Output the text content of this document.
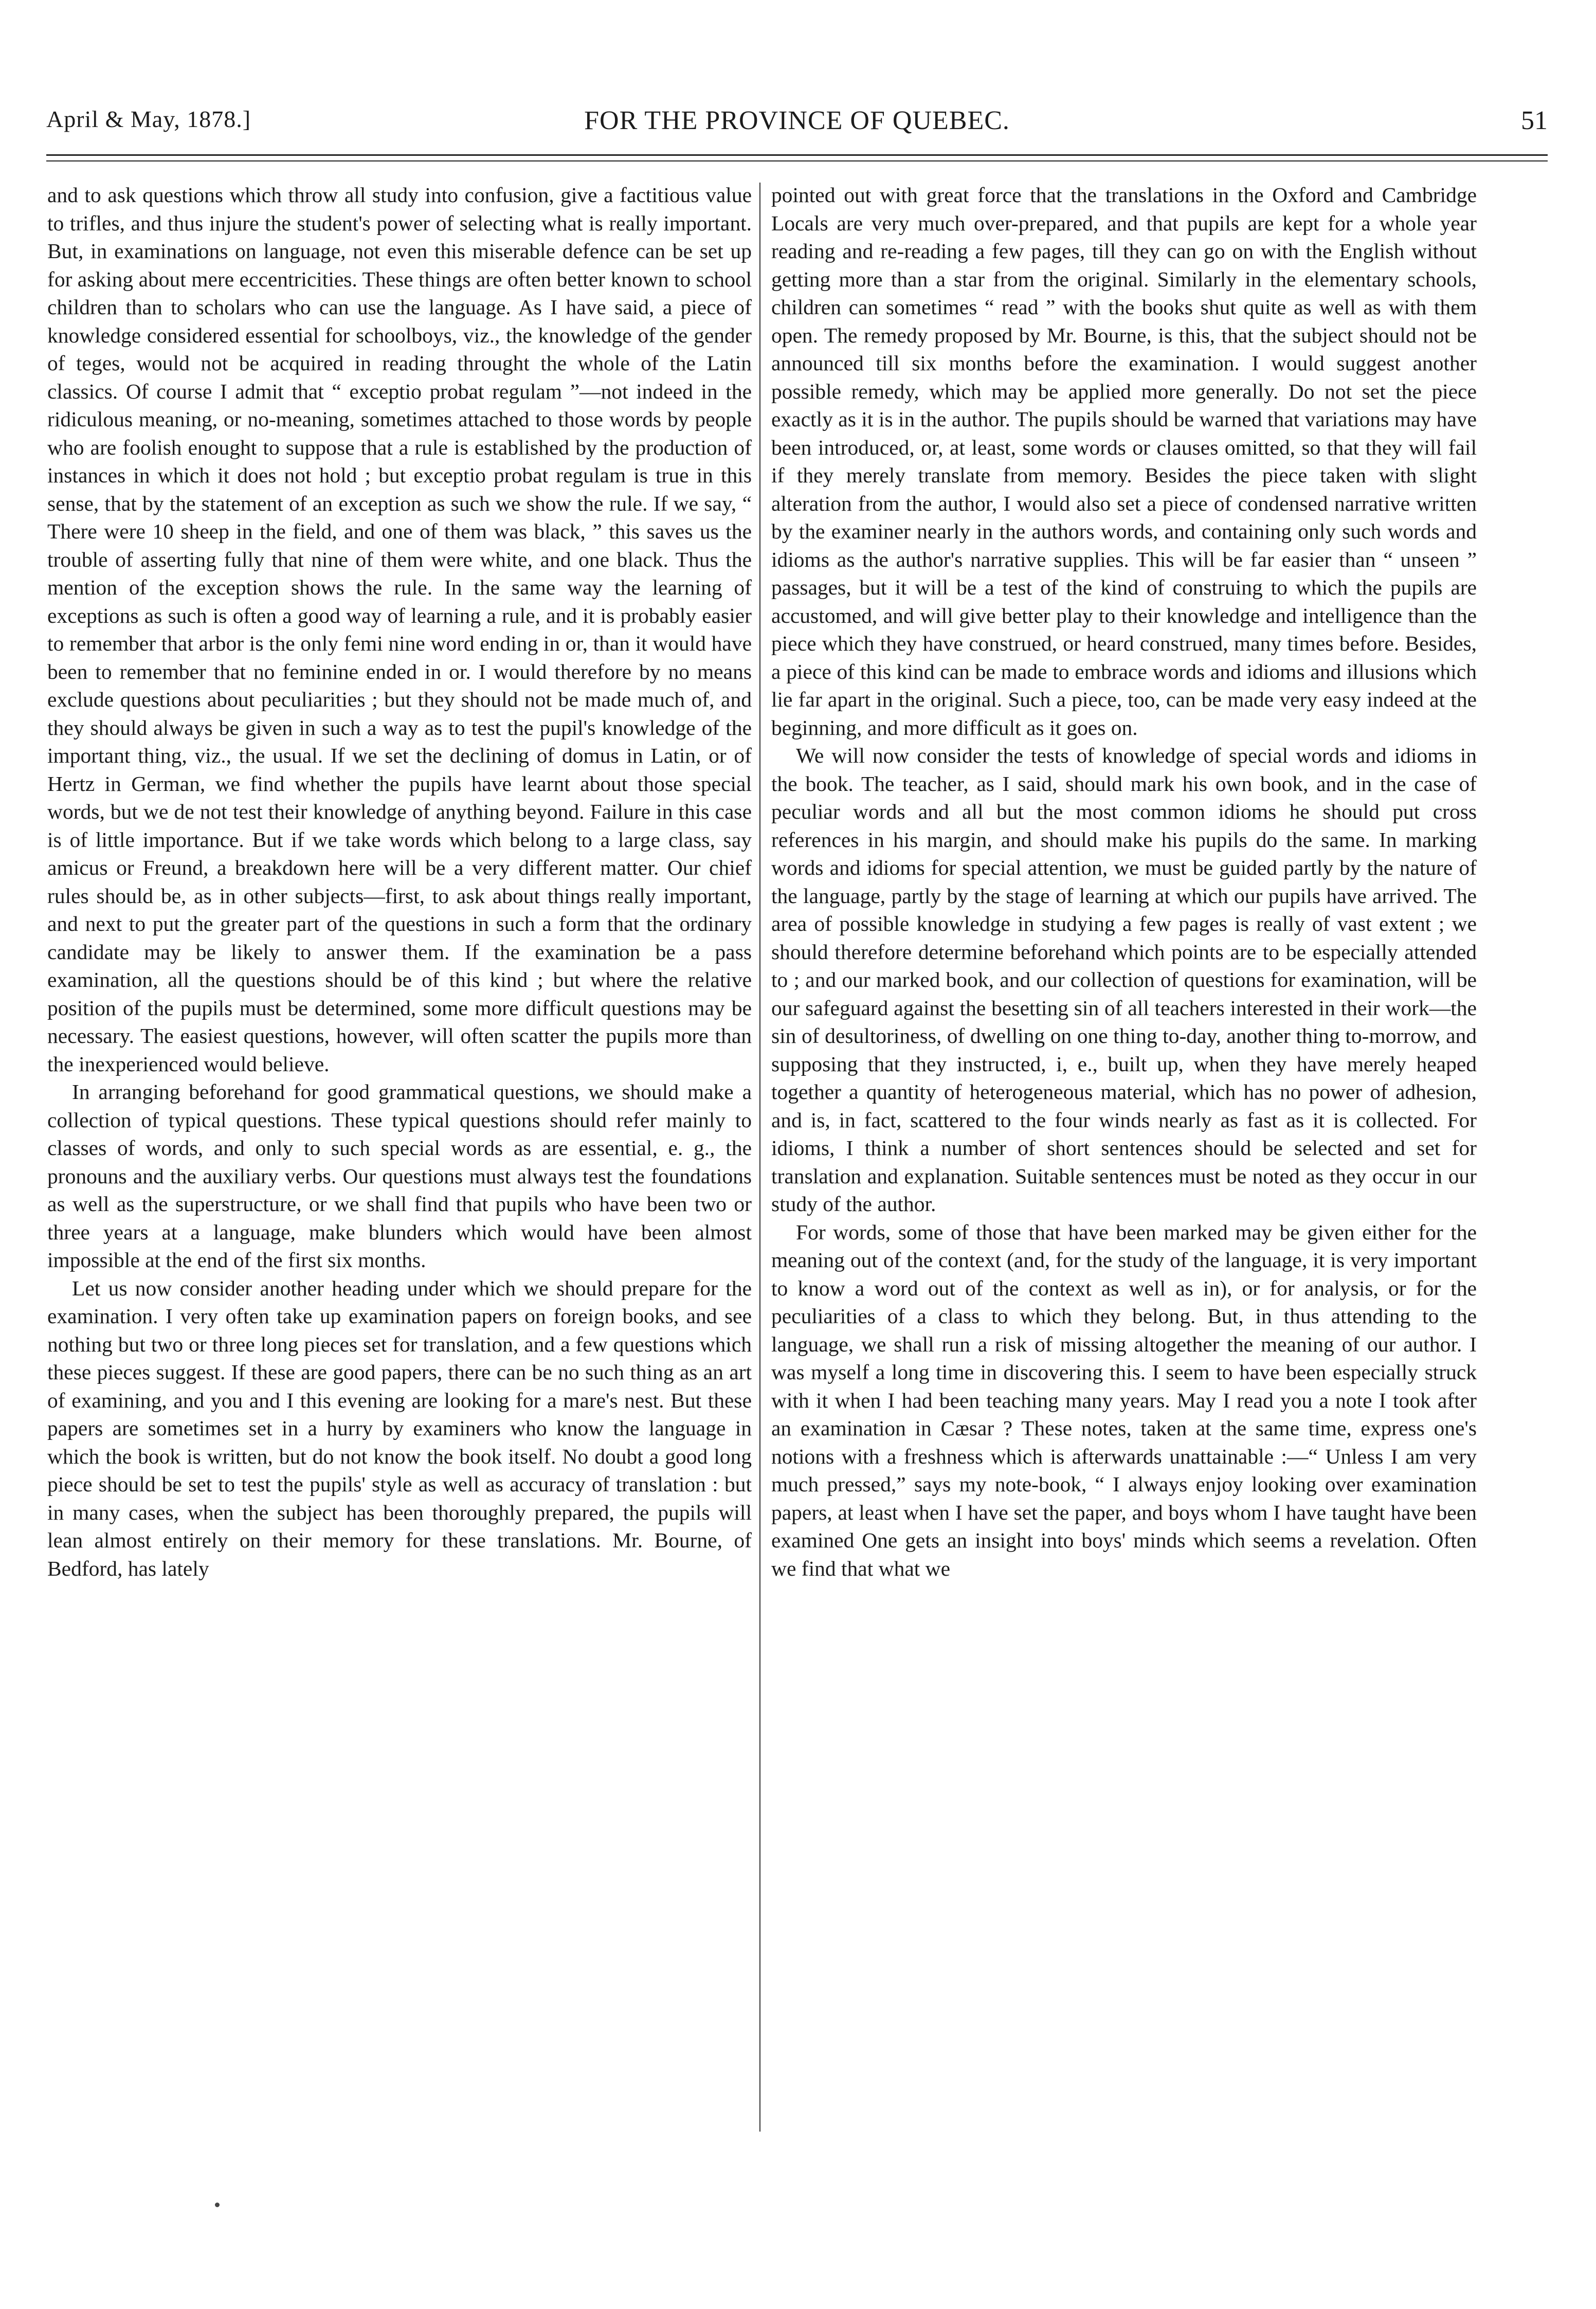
April & May, 1878.]	FOR THE PROVINCE OF QUEBEC.	51

and to ask questions which throw all study into confusion, give a factitious value to trifles, and thus injure the student's power of selecting what is really important. But, in examinations on language, not even this miserable defence can be set up for asking about mere eccentricities. These things are often better known to school children than to scholars who can use the language. As I have said, a piece of knowledge considered essential for schoolboys, viz., the knowledge of the gender of teges, would not be acquired in reading throught the whole of the Latin classics. Of course I admit that “ exceptio probat regulam ”—not indeed in the ridiculous meaning, or no-meaning, sometimes attached to those words by people who are foolish enought to suppose that a rule is established by the production of instances in which it does not hold ; but exceptio probat regulam is true in this sense, that by the statement of an exception as such we show the rule. If we say, “ There were 10 sheep in the field, and one of them was black, ” this saves us the trouble of asserting fully that nine of them were white, and one black. Thus the mention of the exception shows the rule. In the same way the learning of exceptions as such is often a good way of learning a rule, and it is probably easier to remember that arbor is the only femi nine word ending in or, than it would have been to remember that no feminine ended in or. I would therefore by no means exclude questions about peculiarities ; but they should not be made much of, and they should always be given in such a way as to test the pupil's knowledge of the important thing, viz., the usual. If we set the declining of domus in Latin, or of Hertz in German, we find whether the pupils have learnt about those special words, but we de not test their knowledge of anything beyond. Failure in this case is of little importance. But if we take words which belong to a large class, say amicus or Freund, a breakdown here will be a very different matter. Our chief rules should be, as in other subjects—first, to ask about things really important, and next to put the greater part of the questions in such a form that the ordinary candidate may be likely to answer them. If the examination be a pass examination, all the questions should be of this kind ; but where the relative position of the pupils must be determined, some more difficult questions may be necessary. The easiest questions, however, will often scatter the pupils more than the inexperienced would believe.

In arranging beforehand for good grammatical questions, we should make a collection of typical questions. These typical questions should refer mainly to classes of words, and only to such special words as are essential, e. g., the pronouns and the auxiliary verbs. Our questions must always test the foundations as well as the superstructure, or we shall find that pupils who have been two or three years at a language, make blunders which would have been almost impossible at the end of the first six months.

Let us now consider another heading under which we should prepare for the examination. I very often take up examination papers on foreign books, and see nothing but two or three long pieces set for translation, and a few questions which these pieces suggest. If these are good papers, there can be no such thing as an art of examining, and you and I this evening are looking for a mare's nest. But these papers are sometimes set in a hurry by examiners who know the language in which the book is written, but do not know the book itself. No doubt a good long piece should be set to test the pupils' style as well as accuracy of translation : but in many cases, when the subject has been thoroughly prepared, the pupils will lean almost entirely on their memory for these translations. Mr. Bourne, of Bedford, has lately

pointed out with great force that the translations in the Oxford and Cambridge Locals are very much over-prepared, and that pupils are kept for a whole year reading and re-reading a few pages, till they can go on with the English without getting more than a star from the original. Similarly in the elementary schools, children can sometimes “ read ” with the books shut quite as well as with them open. The remedy proposed by Mr. Bourne, is this, that the subject should not be announced till six months before the examination. I would suggest another possible remedy, which may be applied more generally. Do not set the piece exactly as it is in the author. The pupils should be warned that variations may have been introduced, or, at least, some words or clauses omitted, so that they will fail if they merely translate from memory. Besides the piece taken with slight alteration from the author, I would also set a piece of condensed narrative written by the examiner nearly in the authors words, and containing only such words and idioms as the author's narrative supplies. This will be far easier than “ unseen ” passages, but it will be a test of the kind of construing to which the pupils are accustomed, and will give better play to their knowledge and intelligence than the piece which they have construed, or heard construed, many times before. Besides, a piece of this kind can be made to embrace words and idioms and illusions which lie far apart in the original. Such a piece, too, can be made very easy indeed at the beginning, and more difficult as it goes on.

We will now consider the tests of knowledge of special words and idioms in the book. The teacher, as I said, should mark his own book, and in the case of peculiar words and all but the most common idioms he should put cross references in his margin, and should make his pupils do the same. In marking words and idioms for special attention, we must be guided partly by the nature of the language, partly by the stage of learning at which our pupils have arrived. The area of possible knowledge in studying a few pages is really of vast extent ; we should therefore determine beforehand which points are to be especially attended to ; and our marked book, and our collection of questions for examination, will be our safeguard against the besetting sin of all teachers interested in their work—the sin of desultoriness, of dwelling on one thing to-day, another thing to-morrow, and supposing that they instructed, i, e., built up, when they have merely heaped together a quantity of heterogeneous material, which has no power of adhesion, and is, in fact, scattered to the four winds nearly as fast as it is collected. For idioms, I think a number of short sentences should be selected and set for translation and explanation. Suitable sentences must be noted as they occur in our study of the author.

For words, some of those that have been marked may be given either for the meaning out of the context (and, for the study of the language, it is very important to know a word out of the context as well as in), or for analysis, or for the peculiarities of a class to which they belong. But, in thus attending to the language, we shall run a risk of missing altogether the meaning of our author. I was myself a long time in discovering this. I seem to have been especially struck with it when I had been teaching many years. May I read you a note I took after an examination in Cæsar ? These notes, taken at the same time, express one's notions with a freshness which is afterwards unattainable :—“ Unless I am very much pressed,” says my note-book, “ I always enjoy looking over examination papers, at least when I have set the paper, and boys whom I have taught have been examined One gets an insight into boys' minds which seems a revelation. Often we find that what we
